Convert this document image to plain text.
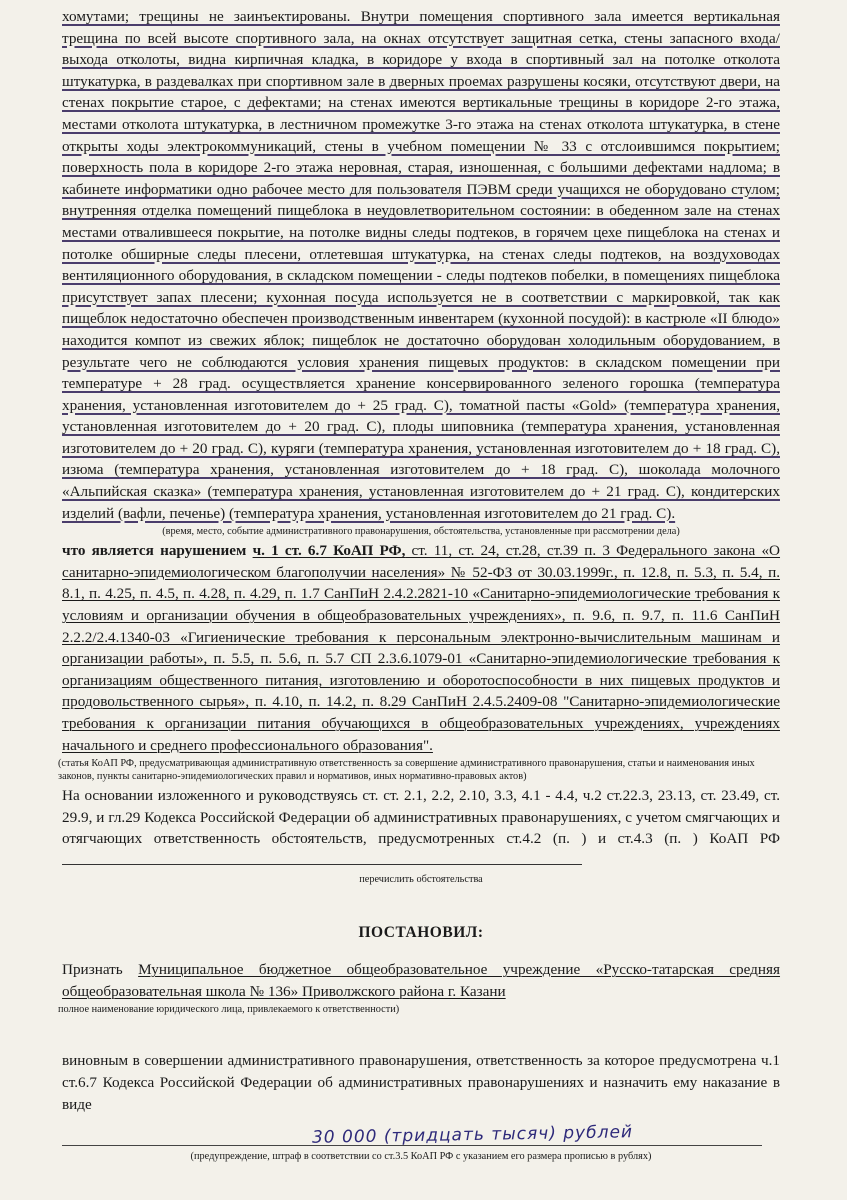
хомутами; трещины не заинъектированы. Внутри помещения спортивного зала имеется вертикальная трещина по всей высоте спортивного зала, на окнах отсутствует защитная сетка, стены запасного входа/выхода отколоты, видна кирпичная кладка, в коридоре у входа в спортивный зал на потолке отколота штукатурка, в раздевалках при спортивном зале в дверных проемах разрушены косяки, отсутствуют двери, на стенах покрытие старое, с дефектами; на стенах имеются вертикальные трещины в коридоре 2-го этажа, местами отколота штукатурка, в лестничном промежутке 3-го этажа на стенах отколота штукатурка, в стене открыты ходы электрокоммуникаций, стены в учебном помещении № 33 с отслоившимся покрытием; поверхность пола в коридоре 2-го этажа неровная, старая, изношенная, с большими дефектами надлома; в кабинете информатики одно рабочее место для пользователя ПЭВМ среди учащихся не оборудовано стулом; внутренняя отделка помещений пищеблока в неудовлетворительном состоянии: в обеденном зале на стенах местами отвалившееся покрытие, на потолке видны следы подтеков, в горячем цехе пищеблока на стенах и потолке обширные следы плесени, отлетевшая штукатурка, на стенах следы подтеков, на воздуховодах вентиляционного оборудования, в складском помещении - следы подтеков побелки, в помещениях пищеблока присутствует запах плесени; кухонная посуда используется не в соответствии с маркировкой, так как пищеблок недостаточно обеспечен производственным инвентарем (кухонной посудой): в кастрюле «II блюдо» находится компот из свежих яблок; пищеблок не достаточно оборудован холодильным оборудованием, в результате чего не соблюдаются условия хранения пищевых продуктов: в складском помещении при температуре + 28 град. осуществляется хранение консервированного зеленого горошка (температура хранения, установленная изготовителем до + 25 град. С), томатной пасты «Gold» (температура хранения, установленная изготовителем до + 20 град. С), плоды шиповника (температура хранения, установленная изготовителем до + 20 град. С), куряги (температура хранения, установленная изготовителем до + 18 град. С), изюма (температура хранения, установленная изготовителем до + 18 град. С), шоколада молочного «Альпийская сказка» (температура хранения, установленная изготовителем до + 21 град. С), кондитерских изделий (вафли, печенье) (температура хранения, установленная изготовителем до 21 град. С).

(время, место, событие административного правонарушения, обстоятельства, установленные при рассмотрении дела)

что является нарушением ч. 1 ст. 6.7 КоАП РФ, ст. 11, ст. 24, ст.28, ст.39 п. 3 Федерального закона «О санитарно-эпидемиологическом благополучии населения» № 52-ФЗ от 30.03.1999г., п. 12.8, п. 5.3, п. 5.4, п. 8.1, п. 4.25, п. 4.5, п. 4.28, п. 4.29, п. 1.7 СанПиН 2.4.2.2821-10 «Санитарно-эпидемиологические требования к условиям и организации обучения в общеобразовательных учреждениях», п. 9.6, п. 9.7, п. 11.6 СанПиН 2.2.2/2.4.1340-03 «Гигиенические требования к персональным электронно-вычислительным машинам и организации работы», п. 5.5, п. 5.6, п. 5.7 СП 2.3.6.1079-01 «Санитарно-эпидемиологические требования к организациям общественного питания, изготовлению и оборотоспособности в них пищевых продуктов и продовольственного сырья», п. 4.10, п. 14.2, п. 8.29 СанПиН 2.4.5.2409-08 "Санитарно-эпидемиологические требования к организации питания обучающихся в общеобразовательных учреждениях, учреждениях начального и среднего профессионального образования".

(статья КоАП РФ, предусматривающая административную ответственность за совершение административного правонарушения, статьи и наименования иных законов, пункты санитарно-эпидемиологических правил и нормативов, иных нормативно-правовых актов)

На основании изложенного и руководствуясь ст. ст. 2.1, 2.2, 2.10, 3.3, 4.1 - 4.4, ч.2 ст.22.3, 23.13, ст. 23.49, ст. 29.9, и гл.29 Кодекса Российской Федерации об административных правонарушениях, с учетом смягчающих и отягчающих ответственность обстоятельств, предусмотренных ст.4.2 (п. ) и ст.4.3 (п. ) КоАП РФ

перечислить обстоятельства
ПОСТАНОВИЛ:

Признать Муниципальное бюджетное общеобразовательное учреждение «Русско-татарская средняя общеобразовательная школа № 136» Приволжского района г. Казани

полное наименование юридического лица, привлекаемого к ответственности)

виновным в совершении административного правонарушения, ответственность за которое предусмотрена ч.1 ст.6.7 Кодекса Российской Федерации об административных правонарушениях и назначить ему наказание в виде

30 000 (тридцать тысяч) рублей
(предупреждение, штраф в соответствии со ст.3.5 КоАП РФ с указанием его размера прописью в рублях)
